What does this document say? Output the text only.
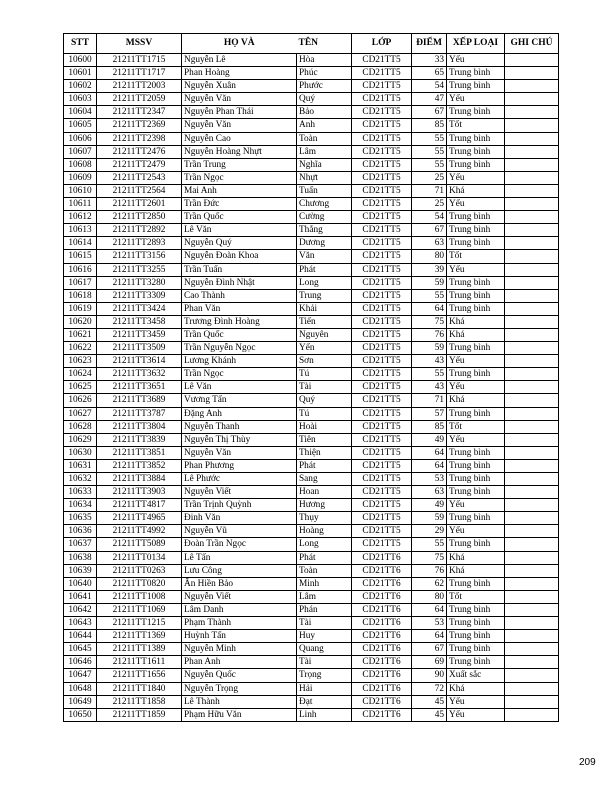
STT	MSSV	HỌ VÀ	TÊN	LỚP	ĐIỂM	XẾP LOẠI	GHI CHÚ
10600	21211TT1715	Nguyễn Lê	Hòa	CD21TT5	33	Yếu	
10601	21211TT1717	Phan Hoàng	Phúc	CD21TT5	65	Trung bình	
10602	21211TT2003	Nguyễn Xuân	Phước	CD21TT5	54	Trung bình	
10603	21211TT2059	Nguyễn Văn	Quý	CD21TT5	47	Yếu	
10604	21211TT2347	Nguyễn Phan Thái	Bảo	CD21TT5	67	Trung bình	
10605	21211TT2369	Nguyễn Văn	Anh	CD21TT5	85	Tốt	
10606	21211TT2398	Nguyễn Cao	Toàn	CD21TT5	55	Trung bình	
10607	21211TT2476	Nguyễn Hoàng Nhựt	Lâm	CD21TT5	55	Trung bình	
10608	21211TT2479	Trần Trung	Nghĩa	CD21TT5	55	Trung bình	
10609	21211TT2543	Trần Ngọc	Nhựt	CD21TT5	25	Yếu	
10610	21211TT2564	Mai Anh	Tuấn	CD21TT5	71	Khá	
10611	21211TT2601	Trần Đức	Chương	CD21TT5	25	Yếu	
10612	21211TT2850	Trần Quốc	Cường	CD21TT5	54	Trung bình	
10613	21211TT2892	Lê Văn	Thắng	CD21TT5	67	Trung bình	
10614	21211TT2893	Nguyễn Quý	Dương	CD21TT5	63	Trung bình	
10615	21211TT3156	Nguyễn Đoàn Khoa	Văn	CD21TT5	80	Tốt	
10616	21211TT3255	Trần Tuấn	Phát	CD21TT5	39	Yếu	
10617	21211TT3280	Nguyễn Đình Nhật	Long	CD21TT5	59	Trung bình	
10618	21211TT3309	Cao Thành	Trung	CD21TT5	55	Trung bình	
10619	21211TT3424	Phan Văn	Khải	CD21TT5	64	Trung bình	
10620	21211TT3458	Trương Đình Hoàng	Tiến	CD21TT5	75	Khá	
10621	21211TT3459	Trần Quốc	Nguyên	CD21TT5	76	Khá	
10622	21211TT3509	Trần Nguyễn Ngọc	Yến	CD21TT5	59	Trung bình	
10623	21211TT3614	Lương Khánh	Sơn	CD21TT5	43	Yếu	
10624	21211TT3632	Trần Ngọc	Tú	CD21TT5	55	Trung bình	
10625	21211TT3651	Lê Văn	Tài	CD21TT5	43	Yếu	
10626	21211TT3689	Vương Tấn	Quý	CD21TT5	71	Khá	
10627	21211TT3787	Đặng Anh	Tú	CD21TT5	57	Trung bình	
10628	21211TT3804	Nguyễn Thanh	Hoài	CD21TT5	85	Tốt	
10629	21211TT3839	Nguyễn Thị Thùy	Tiên	CD21TT5	49	Yếu	
10630	21211TT3851	Nguyễn Văn	Thiện	CD21TT5	64	Trung bình	
10631	21211TT3852	Phan Phương	Phát	CD21TT5	64	Trung bình	
10632	21211TT3884	Lê Phước	Sang	CD21TT5	53	Trung bình	
10633	21211TT3903	Nguyễn Viết	Hoan	CD21TT5	63	Trung bình	
10634	21211TT4817	Trần Trịnh Quỳnh	Hương	CD21TT5	49	Yếu	
10635	21211TT4965	Đinh Văn	Thụy	CD21TT5	59	Trung bình	
10636	21211TT4992	Nguyễn Vũ	Hoàng	CD21TT5	29	Yếu	
10637	21211TT5089	Đoàn Trần Ngọc	Long	CD21TT5	55	Trung bình	
10638	21211TT0134	Lê Tấn	Phát	CD21TT6	75	Khá	
10639	21211TT0263	Lưu Công	Toàn	CD21TT6	76	Khá	
10640	21211TT0820	Ân Hiền Bảo	Minh	CD21TT6	62	Trung bình	
10641	21211TT1008	Nguyễn Viết	Lâm	CD21TT6	80	Tốt	
10642	21211TT1069	Lâm Danh	Phán	CD21TT6	64	Trung bình	
10643	21211TT1215	Phạm Thành	Tài	CD21TT6	53	Trung bình	
10644	21211TT1369	Huỳnh Tấn	Huy	CD21TT6	64	Trung bình	
10645	21211TT1389	Nguyễn Minh	Quang	CD21TT6	67	Trung bình	
10646	21211TT1611	Phan Anh	Tài	CD21TT6	69	Trung bình	
10647	21211TT1656	Nguyễn Quốc	Trọng	CD21TT6	90	Xuất sắc	
10648	21211TT1840	Nguyễn Trọng	Hải	CD21TT6	72	Khá	
10649	21211TT1858	Lê Thành	Đạt	CD21TT6	45	Yếu	
10650	21211TT1859	Phạm Hữu Văn	Linh	CD21TT6	45	Yếu	
209
